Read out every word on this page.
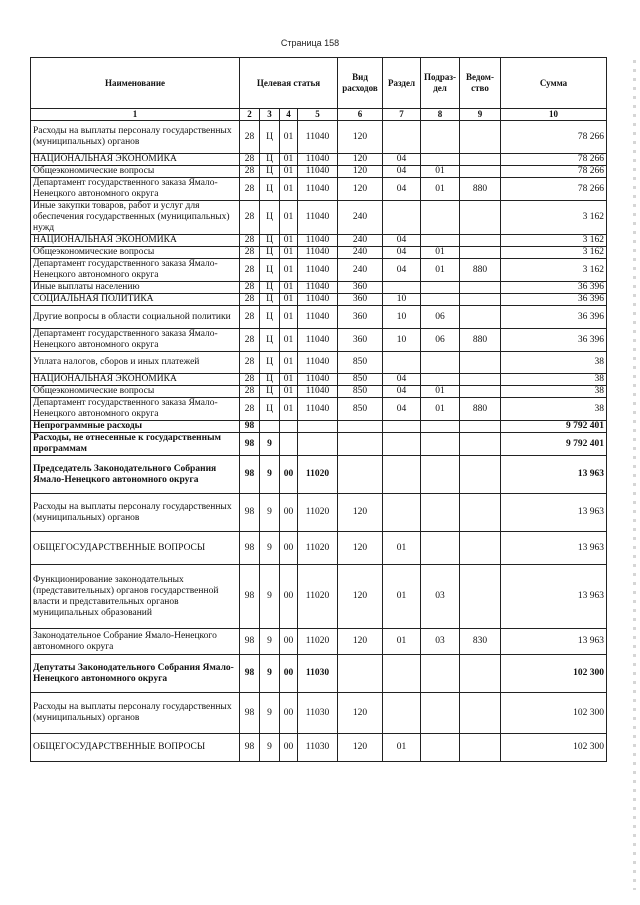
Страница 158
Наименование	Целевая статья				Вид расходов	Раздел	Подраз-дел	Ведом-ство	Сумма
1	2	3	4	5	6	7	8	9	10
Расходы на выплаты персоналу государственных (муниципальных) органов	28	Ц	01	11040	120				78 266
НАЦИОНАЛЬНАЯ ЭКОНОМИКА	28	Ц	01	11040	120	04			78 266
Общеэкономические вопросы	28	Ц	01	11040	120	04	01		78 266
Департамент государственного заказа Ямало-Ненецкого автономного округа	28	Ц	01	11040	120	04	01	880	78 266
Иные закупки товаров, работ и услуг для обеспечения государственных (муниципальных) нужд	28	Ц	01	11040	240				3 162
НАЦИОНАЛЬНАЯ ЭКОНОМИКА	28	Ц	01	11040	240	04			3 162
Общеэкономические вопросы	28	Ц	01	11040	240	04	01		3 162
Департамент государственного заказа Ямало-Ненецкого автономного округа	28	Ц	01	11040	240	04	01	880	3 162
Иные выплаты населению	28	Ц	01	11040	360				36 396
СОЦИАЛЬНАЯ ПОЛИТИКА	28	Ц	01	11040	360	10			36 396
Другие вопросы в области социальной политики	28	Ц	01	11040	360	10	06		36 396
Департамент государственного заказа Ямало-Ненецкого автономного округа	28	Ц	01	11040	360	10	06	880	36 396
Уплата налогов, сборов и иных платежей	28	Ц	01	11040	850				38
НАЦИОНАЛЬНАЯ ЭКОНОМИКА	28	Ц	01	11040	850	04			38
Общеэкономические вопросы	28	Ц	01	11040	850	04	01		38
Департамент государственного заказа Ямало-Ненецкого автономного округа	28	Ц	01	11040	850	04	01	880	38
Непрограммные расходы	98								9 792 401
Расходы, не отнесенные к государственным программам	98	9							9 792 401
Председатель Законодательного Собрания Ямало-Ненецкого автономного округа	98	9	00	11020					13 963
Расходы на выплаты персоналу государственных (муниципальных) органов	98	9	00	11020	120				13 963
ОБЩЕГОСУДАРСТВЕННЫЕ ВОПРОСЫ	98	9	00	11020	120	01			13 963
Функционирование законодательных (представительных) органов государственной власти и представительных органов муниципальных образований	98	9	00	11020	120	01	03		13 963
Законодательное Собрание Ямало-Ненецкого автономного округа	98	9	00	11020	120	01	03	830	13 963
Депутаты Законодательного Собрания Ямало-Ненецкого автономного округа	98	9	00	11030					102 300
Расходы на выплаты персоналу государственных (муниципальных) органов	98	9	00	11030	120				102 300
ОБЩЕГОСУДАРСТВЕННЫЕ ВОПРОСЫ	98	9	00	11030	120	01			102 300
